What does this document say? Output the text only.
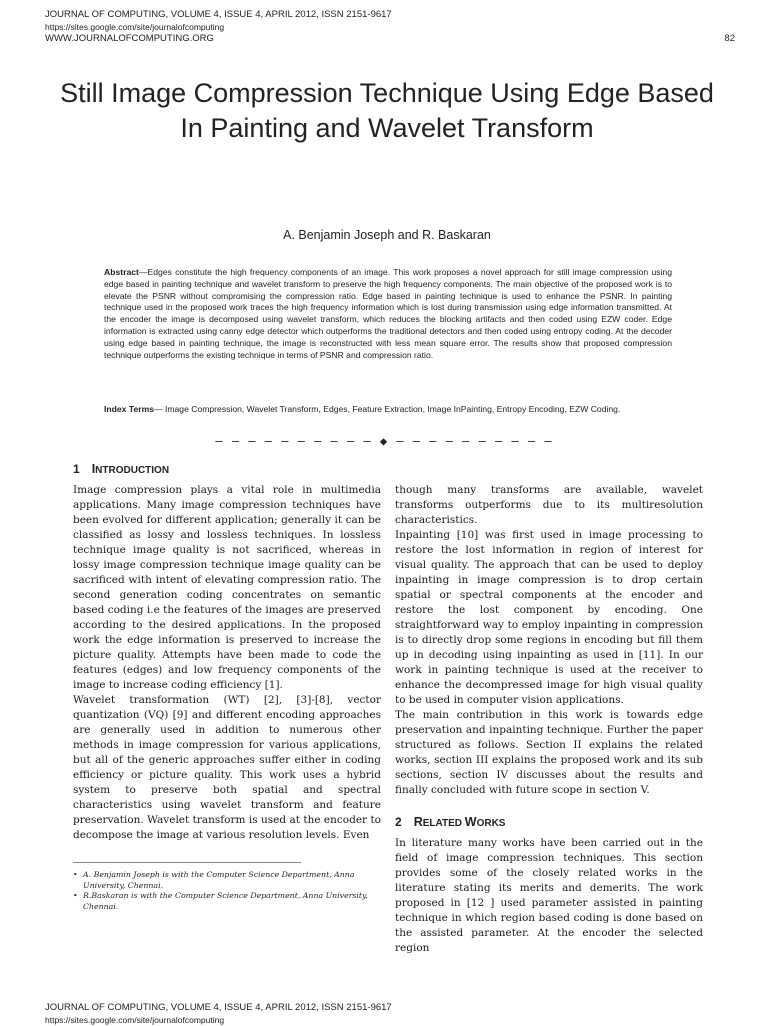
JOURNAL OF COMPUTING, VOLUME 4, ISSUE 4, APRIL 2012, ISSN 2151-9617
https://sites.google.com/site/journalofcomputing
WWW.JOURNALOFCOMPUTING.ORG	82
Still Image Compression Technique Using Edge Based In Painting and Wavelet Transform
A. Benjamin Joseph and R. Baskaran

Abstract—Edges constitute the high frequency components of an image. This work proposes a novel approach for still image compression using edge based in painting technique and wavelet transform to preserve the high frequency components. The main objective of the proposed work is to elevate the PSNR without compromising the compression ratio. Edge based in painting technique is used to enhance the PSNR. In painting technique used in the proposed work traces the high frequency information which is lost during transmission using edge information transmitted. At the encoder the image is decomposed using wavelet transform, which reduces the blocking artifacts and then coded using EZW coder. Edge information is extracted using canny edge detector which outperforms the traditional detectors and then coded using entropy coding. At the decoder using edge based in painting technique, the image is reconstructed with less mean square error. The results show that proposed compression technique outperforms the existing technique in terms of PSNR and compression ratio.

Index Terms— Image Compression, Wavelet Transform, Edges, Feature Extraction, Image InPainting, Entropy Encoding, EZW Coding.

– – – – – – – – – – ◆ – – – – – – – – – –
1 INTRODUCTION

Image compression plays a vital role in multimedia applications. Many image compression techniques have been evolved for different application; generally it can be classified as lossy and lossless techniques. In lossless technique image quality is not sacrificed, whereas in lossy image compression technique image quality can be sacrificed with intent of elevating compression ratio. The second generation coding concentrates on semantic based coding i.e the features of the images are preserved according to the desired applications. In the proposed work the edge information is preserved to increase the picture quality. Attempts have been made to code the features (edges) and low frequency components of the image to increase coding efficiency [1].

Wavelet transformation (WT) [2], [3]-[8], vector quantization (VQ) [9] and different encoding approaches are generally used in addition to numerous other methods in image compression for various applications, but all of the generic approaches suffer either in coding efficiency or picture quality. This work uses a hybrid system to preserve both spatial and spectral characteristics using wavelet transform and feature preservation. Wavelet transform is used at the encoder to decompose the image at various resolution levels. Even

though many transforms are available, wavelet transforms outperforms due to its multiresolution characteristics.

Inpainting [10] was first used in image processing to restore the lost information in region of interest for visual quality. The approach that can be used to deploy inpainting in image compression is to drop certain spatial or spectral components at the encoder and restore the lost component by encoding. One straightforward way to employ inpainting in compression is to directly drop some regions in encoding but fill them up in decoding using inpainting as used in [11]. In our work in painting technique is used at the receiver to enhance the decompressed image for high visual quality to be used in computer vision applications.

The main contribution in this work is towards edge preservation and inpainting technique. Further the paper structured as follows. Section II explains the related works, section III explains the proposed work and its sub sections, section IV discusses about the results and finally concluded with future scope in section V.

2 RELATED WORKS

In literature many works have been carried out in the field of image compression techniques. This section provides some of the closely related works in the literature stating its merits and demerits. The work proposed in [12 ] used parameter assisted in painting technique in which region based coding is done based on the assisted parameter. At the encoder the selected region

• A. Benjamin Joseph is with the Computer Science Department, Anna University, Chennai.
• R.Baskaran is with the Computer Science Department, Anna University, Chennai.
JOURNAL OF COMPUTING, VOLUME 4, ISSUE 4, APRIL 2012, ISSN 2151-9617
https://sites.google.com/site/journalofcomputing
